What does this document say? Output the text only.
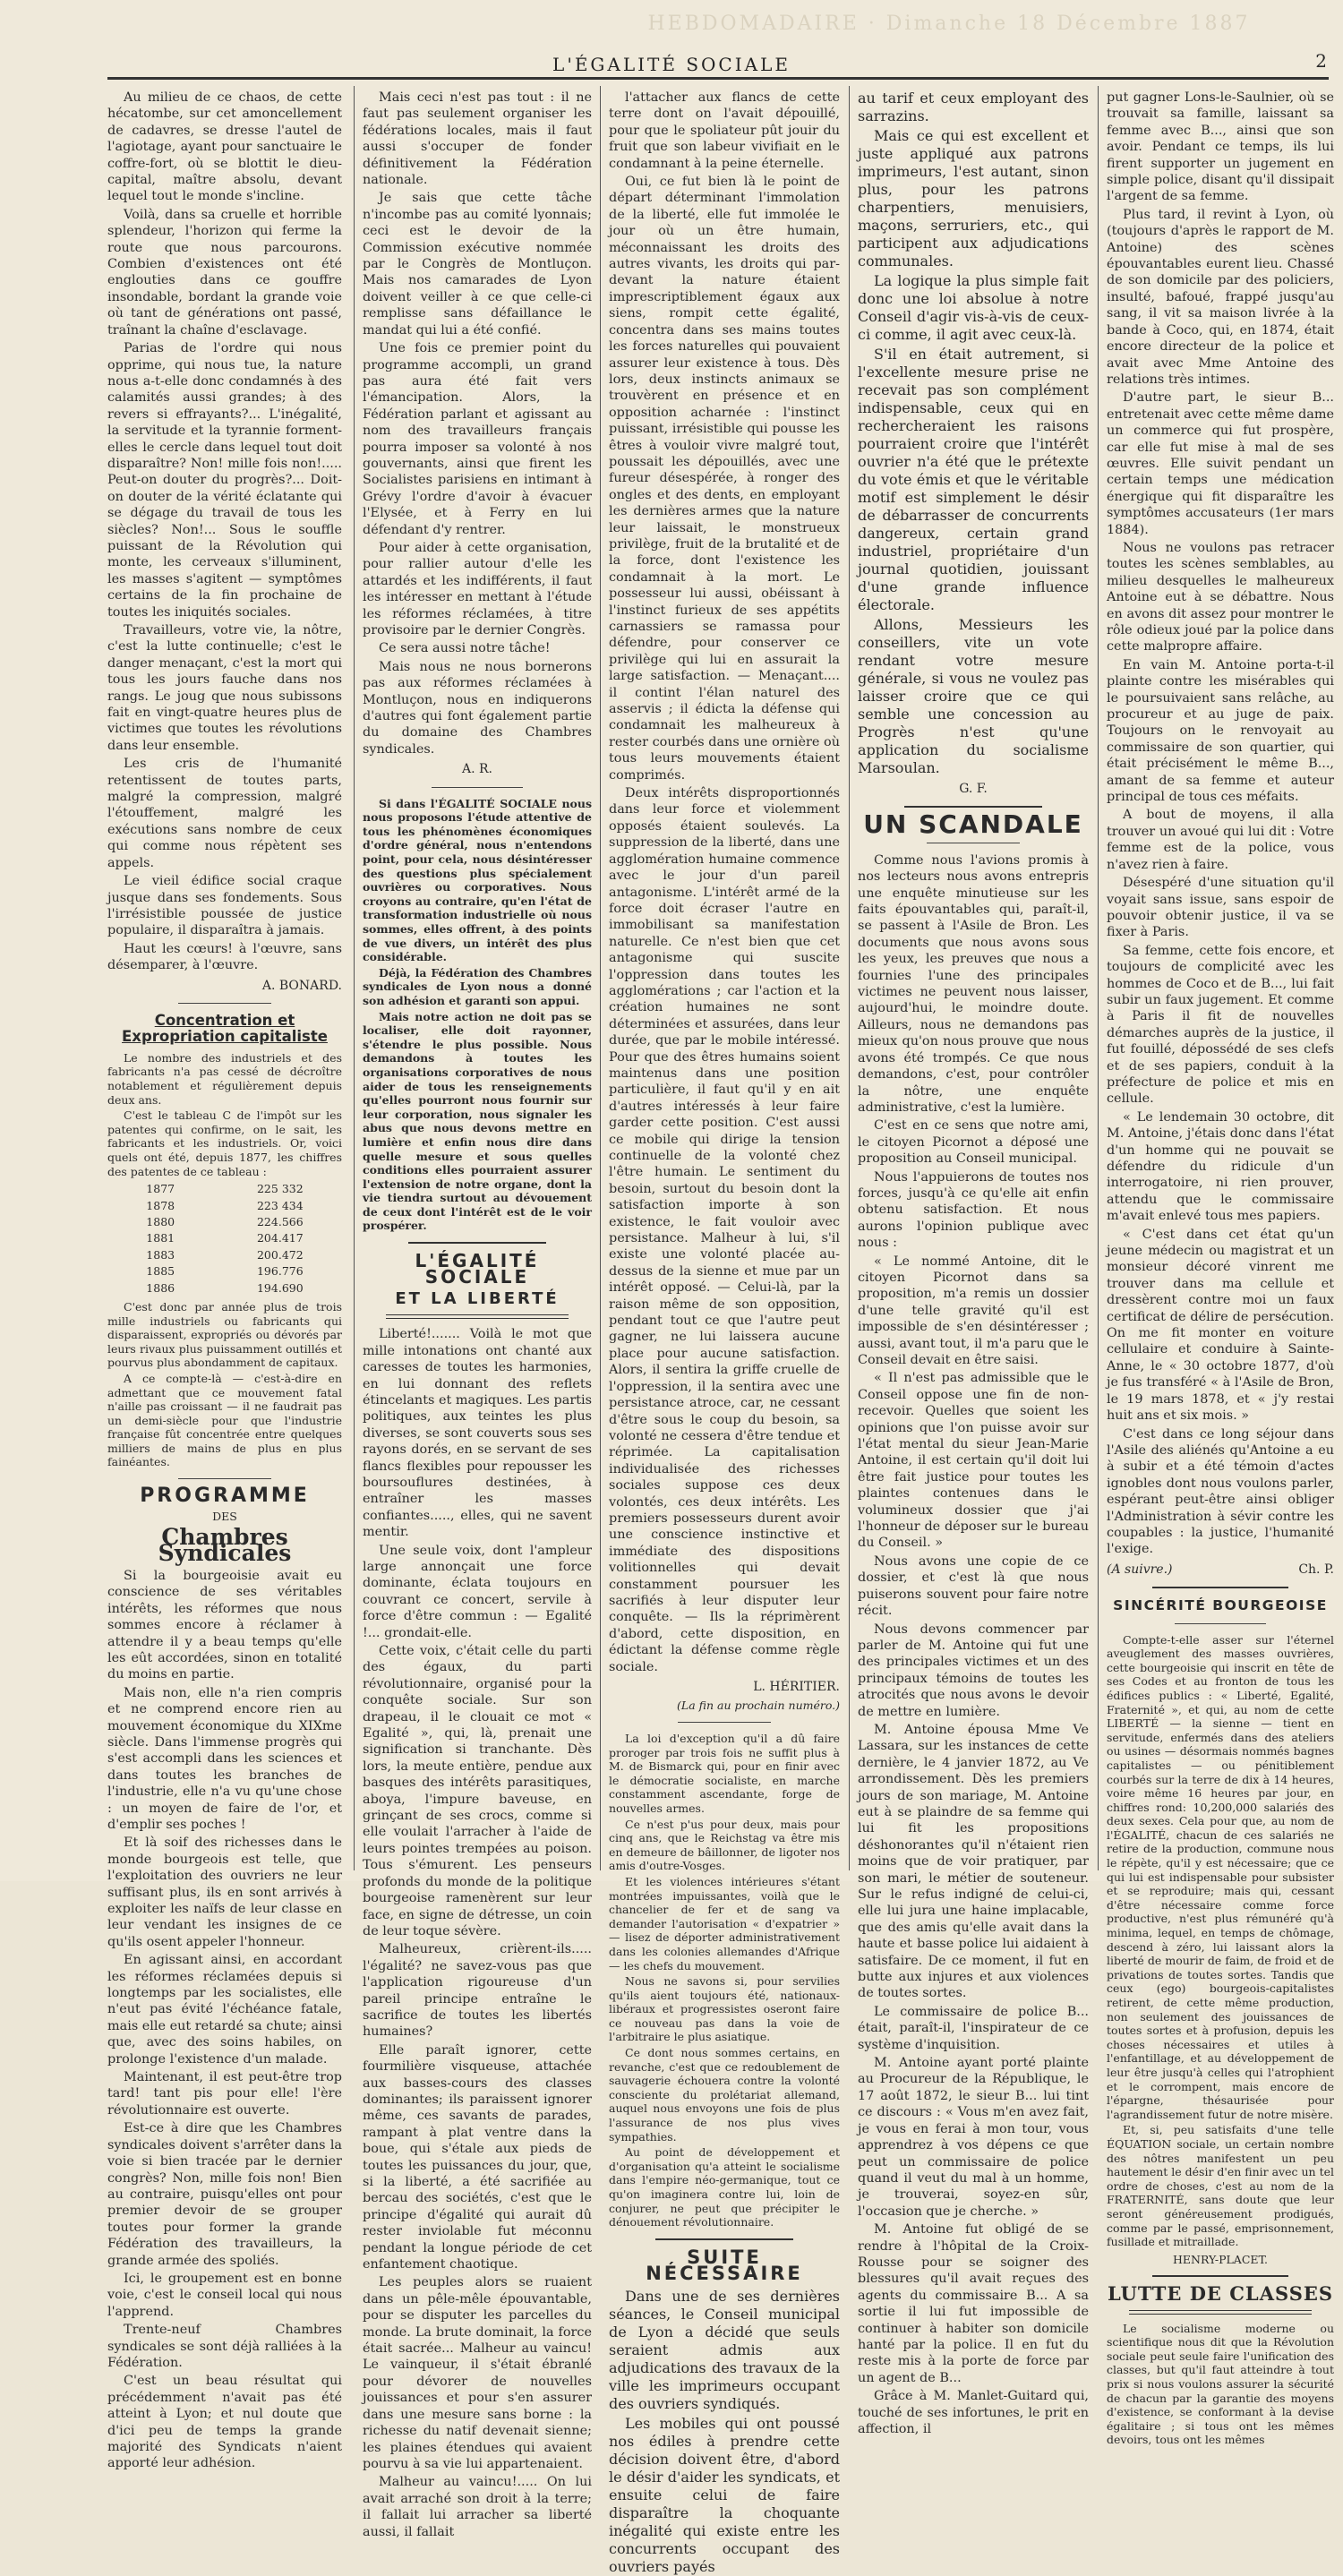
HEBDOMADAIRE · Dimanche 18 Décembre 1887
L'ÉGALITÉ SOCIALE	2

Au milieu de ce chaos, de cette hécatombe, sur cet amoncellement de cadavres, se dresse l'autel de l'agiotage, ayant pour sanctuaire le coffre-fort, où se blottit le dieu-capital, maître absolu, devant lequel tout le monde s'incline.

Voilà, dans sa cruelle et horrible splendeur, l'horizon qui ferme la route que nous parcourons. Combien d'existences ont été englouties dans ce gouffre insondable, bordant la grande voie où tant de générations ont passé, traînant la chaîne d'esclavage.

Parias de l'ordre qui nous opprime, qui nous tue, la nature nous a-t-elle donc condamnés à des calamités aussi grandes; à des revers si effrayants?... L'inégalité, la servitude et la tyrannie forment-elles le cercle dans lequel tout doit disparaître? Non! mille fois non!..... Peut-on douter du progrès?... Doit-on douter de la vérité éclatante qui se dégage du travail de tous les siècles? Non!... Sous le souffle puissant de la Révolution qui monte, les cerveaux s'illuminent, les masses s'agitent — symptômes certains de la fin prochaine de toutes les iniquités sociales.

Travailleurs, votre vie, la nôtre, c'est la lutte continuelle; c'est le danger menaçant, c'est la mort qui tous les jours fauche dans nos rangs. Le joug que nous subissons fait en vingt-quatre heures plus de victimes que toutes les révolutions dans leur ensemble.

Les cris de l'humanité retentissent de toutes parts, malgré la compression, malgré l'étouffement, malgré les exécutions sans nombre de ceux qui comme nous répètent ses appels.

Le vieil édifice social craque jusque dans ses fondements. Sous l'irrésistible poussée de justice populaire, il disparaîtra à jamais.

Haut les cœurs! à l'œuvre, sans désemparer, à l'œuvre.

A. BONARD.
Concentration et Expropriation capitaliste

Le nombre des industriels et des fabricants n'a pas cessé de décroître notablement et régulièrement depuis deux ans.

C'est le tableau C de l'impôt sur les patentes qui confirme, on le sait, les fabricants et les industriels. Or, voici quels ont été, depuis 1877, les chiffres des patentes de ce tableau :

1877	225 332
1878	223 434
1880	224.566
1881	204.417
1883	200.472
1885	196.776
1886	194.690

C'est donc par année plus de trois mille industriels ou fabricants qui disparaissent, expropriés ou dévorés par leurs rivaux plus puissamment outillés et pourvus plus abondamment de capitaux.

A ce compte-là — c'est-à-dire en admettant que ce mouvement fatal n'aille pas croissant — il ne faudrait pas un demi-siècle pour que l'industrie française fût concentrée entre quelques milliers de mains de plus en plus fainéantes.

PROGRAMME
DES
Chambres Syndicales

Si la bourgeoisie avait eu conscience de ses véritables intérêts, les réformes que nous sommes encore à réclamer à attendre il y a beau temps qu'elle les eût accordées, sinon en totalité du moins en partie.

Mais non, elle n'a rien compris et ne comprend encore rien au mouvement économique du XIXme siècle. Dans l'immense progrès qui s'est accompli dans les sciences et dans toutes les branches de l'industrie, elle n'a vu qu'une chose : un moyen de faire de l'or, et d'emplir ses poches !

Et là soif des richesses dans le monde bourgeois est telle, que l'exploitation des ouvriers ne leur suffisant plus, ils en sont arrivés à exploiter les naïfs de leur classe en leur vendant les insignes de ce qu'ils osent appeler l'honneur.

En agissant ainsi, en accordant les réformes réclamées depuis si longtemps par les socialistes, elle n'eut pas évité l'échéance fatale, mais elle eut retardé sa chute; ainsi que, avec des soins habiles, on prolonge l'existence d'un malade.

Maintenant, il est peut-être trop tard! tant pis pour elle! l'ère révolutionnaire est ouverte.

Est-ce à dire que les Chambres syndicales doivent s'arrêter dans la voie si bien tracée par le dernier congrès? Non, mille fois non! Bien au contraire, puisqu'elles ont pour premier devoir de se grouper toutes pour former la grande Fédération des travailleurs, la grande armée des spoliés.

Ici, le groupement est en bonne voie, c'est le conseil local qui nous l'apprend.

Trente-neuf Chambres syndicales se sont déjà ralliées à la Fédération.

C'est un beau résultat qui précédemment n'avait pas été atteint à Lyon; et nul doute que d'ici peu de temps la grande majorité des Syndicats n'aient apporté leur adhésion.

Mais ceci n'est pas tout : il ne faut pas seulement organiser les fédérations locales, mais il faut aussi s'occuper de fonder définitivement la Fédération nationale.

Je sais que cette tâche n'incombe pas au comité lyonnais; ceci est le devoir de la Commission exécutive nommée par le Congrès de Montluçon. Mais nos camarades de Lyon doivent veiller à ce que celle-ci remplisse sans défaillance le mandat qui lui a été confié.

Une fois ce premier point du programme accompli, un grand pas aura été fait vers l'émancipation. Alors, la Fédération parlant et agissant au nom des travailleurs français pourra imposer sa volonté à nos gouvernants, ainsi que firent les Socialistes parisiens en intimant à Grévy l'ordre d'avoir à évacuer l'Elysée, et à Ferry en lui défendant d'y rentrer.

Pour aider à cette organisation, pour rallier autour d'elle les attardés et les indifférents, il faut les intéresser en mettant à l'étude les réformes réclamées, à titre provisoire par le dernier Congrès.

Ce sera aussi notre tâche!

Mais nous ne nous bornerons pas aux réformes réclamées à Montluçon, nous en indiquerons d'autres qui font également partie du domaine des Chambres syndicales.

A. R.

Si dans l'ÉGALITÉ SOCIALE nous nous proposons l'étude attentive de tous les phénomènes économiques d'ordre général, nous n'entendons point, pour cela, nous désintéresser des questions plus spécialement ouvrières ou corporatives. Nous croyons au contraire, qu'en l'état de transformation industrielle où nous sommes, elles offrent, à des points de vue divers, un intérêt des plus considérable.

Déjà, la Fédération des Chambres syndicales de Lyon nous a donné son adhésion et garanti son appui.

Mais notre action ne doit pas se localiser, elle doit rayonner, s'étendre le plus possible. Nous demandons à toutes les organisations corporatives de nous aider de tous les renseignements qu'elles pourront nous fournir sur leur corporation, nous signaler les abus que nous devons mettre en lumière et enfin nous dire dans quelle mesure et sous quelles conditions elles pourraient assurer l'extension de notre organe, dont la vie tiendra surtout au dévouement de ceux dont l'intérêt est de le voir prospérer.

L'ÉGALITÉ SOCIALE
ET LA LIBERTÉ

Liberté!....... Voilà le mot que mille intonations ont chanté aux caresses de toutes les harmonies, en lui donnant des reflets étincelants et magiques. Les partis politiques, aux teintes les plus diverses, se sont couverts sous ses rayons dorés, en se servant de ses flancs flexibles pour repousser les boursouflures destinées, à entraîner les masses confiantes....., elles, qui ne savent mentir.

Une seule voix, dont l'ampleur large annonçait une force dominante, éclata toujours en couvrant ce concert, servile à force d'être commun : — Egalité !... grondait-elle.

Cette voix, c'était celle du parti des égaux, du parti révolutionnaire, organisé pour la conquête sociale. Sur son drapeau, il le clouait ce mot « Egalité », qui, là, prenait une signification si tranchante. Dès lors, la meute entière, pendue aux basques des intérêts parasitiques, aboya, l'impure baveuse, en grinçant de ses crocs, comme si elle voulait l'arracher à l'aide de leurs pointes trempées au poison. Tous s'émurent. Les penseurs profonds du monde de la politique bourgeoise ramenèrent sur leur face, en signe de détresse, un coin de leur toque sévère.

Malheureux, crièrent-ils..... l'égalité? ne savez-vous pas que l'application rigoureuse d'un pareil principe entraîne le sacrifice de toutes les libertés humaines?

Elle paraît ignorer, cette fourmilière visqueuse, attachée aux basses-cours des classes dominantes; ils paraissent ignorer même, ces savants de parades, rampant à plat ventre dans la boue, qui s'étale aux pieds de toutes les puissances du jour, que, si la liberté, a été sacrifiée au bercau des sociétés, c'est que le principe d'égalité qui aurait dû rester inviolable fut méconnu pendant la longue période de cet enfantement chaotique.

Les peuples alors se ruaient dans un pêle-mêle épouvantable, pour se disputer les parcelles du monde. La brute dominait, la force était sacrée... Malheur au vaincu! Le vainqueur, il s'était ébranlé pour dévorer de nouvelles jouissances et pour s'en assurer dans une mesure sans borne : la richesse du natif devenait sienne; les plaines étendues qui avaient pourvu à sa vie lui appartenaient.

Malheur au vaincu!..... On lui avait arraché son droit à la terre; il fallait lui arracher sa liberté aussi, il fallait

l'attacher aux flancs de cette terre dont on l'avait dépouillé, pour que le spoliateur pût jouir du fruit que son labeur vivifiait en le condamnant à la peine éternelle.

Oui, ce fut bien là le point de départ déterminant l'immolation de la liberté, elle fut immolée le jour où un être humain, méconnaissant les droits des autres vivants, les droits qui par-devant la nature étaient imprescriptiblement égaux aux siens, rompit cette égalité, concentra dans ses mains toutes les forces naturelles qui pouvaient assurer leur existence à tous. Dès lors, deux instincts animaux se trouvèrent en présence et en opposition acharnée : l'instinct puissant, irrésistible qui pousse les êtres à vouloir vivre malgré tout, poussait les dépouillés, avec une fureur désespérée, à ronger des ongles et des dents, en employant les dernières armes que la nature leur laissait, le monstrueux privilège, fruit de la brutalité et de la force, dont l'existence les condamnait à la mort. Le possesseur lui aussi, obéissant à l'instinct furieux de ses appétits carnassiers se ramassa pour défendre, pour conserver ce privilège qui lui en assurait la large satisfaction. — Menaçant.... il contint l'élan naturel des asservis ; il édicta la défense qui condamnait les malheureux à rester courbés dans une ornière où tous leurs mouvements étaient comprimés.

Deux intérêts disproportionnés dans leur force et violemment opposés étaient soulevés. La suppression de la liberté, dans une agglomération humaine commence avec le jour d'un pareil antagonisme. L'intérêt armé de la force doit écraser l'autre en immobilisant sa manifestation naturelle. Ce n'est bien que cet antagonisme qui suscite l'oppression dans toutes les agglomérations ; car l'action et la création humaines ne sont déterminées et assurées, dans leur durée, que par le mobile intéressé. Pour que des êtres humains soient maintenus dans une position particulière, il faut qu'il y en ait d'autres intéressés à leur faire garder cette position. C'est aussi ce mobile qui dirige la tension continuelle de la volonté chez l'être humain. Le sentiment du besoin, surtout du besoin dont la satisfaction importe à son existence, le fait vouloir avec persistance. Malheur à lui, s'il existe une volonté placée au-dessus de la sienne et mue par un intérêt opposé. — Celui-là, par la raison même de son opposition, pendant tout ce que l'autre peut gagner, ne lui laissera aucune place pour aucune satisfaction. Alors, il sentira la griffe cruelle de l'oppression, il la sentira avec une persistance atroce, car, ne cessant d'être sous le coup du besoin, sa volonté ne cessera d'être tendue et réprimée. La capitalisation individualisée des richesses sociales suppose ces deux volontés, ces deux intérêts. Les premiers possesseurs durent avoir une conscience instinctive et immédiate des dispositions volitionnelles qui devait constamment poursuer les sacrifiés à leur disputer leur conquête. — Ils la réprimèrent d'abord, cette disposition, en édictant la défense comme règle sociale.

L. HÉRITIER.
(La fin au prochain numéro.)

La loi d'exception qu'il a dû faire proroger par trois fois ne suffit plus à M. de Bismarck qui, pour en finir avec le démocratie socialiste, en marche constamment ascendante, forge de nouvelles armes.

Ce n'est p'us pour deux, mais pour cinq ans, que le Reichstag va être mis en demeure de bâillonner, de ligoter nos amis d'outre-Vosges.

Et les violences intérieures s'étant montrées impuissantes, voilà que le chancelier de fer et de sang va demander l'autorisation « d'expatrier » — lisez de déporter administrativement dans les colonies allemandes d'Afrique — les chefs du mouvement.

Nous ne savons si, pour servilies qu'ils aient toujours été, nationaux-libéraux et progressistes oseront faire ce nouveau pas dans la voie de l'arbitraire le plus asiatique.

Ce dont nous sommes certains, en revanche, c'est que ce redoublement de sauvagerie échouera contre la volonté consciente du prolétariat allemand, auquel nous envoyons une fois de plus l'assurance de nos plus vives sympathies.

Au point de développement et d'organisation qu'a atteint le socialisme dans l'empire néo-germanique, tout ce qu'on imaginera contre lui, loin de conjurer, ne peut que précipiter le dénouement révolutionnaire.

SUITE NÉCESSAIRE

Dans une de ses dernières séances, le Conseil municipal de Lyon a décidé que seuls seraient admis aux adjudications des travaux de la ville les imprimeurs occupant des ouvriers syndiqués.

Les mobiles qui ont poussé nos édiles à prendre cette décision doivent être, d'abord le désir d'aider les syndicats, et ensuite celui de faire disparaître la choquante inégalité qui existe entre les concurrents occupant des ouvriers payés

au tarif et ceux employant des sarrazins.

Mais ce qui est excellent et juste appliqué aux patrons imprimeurs, l'est autant, sinon plus, pour les patrons charpentiers, menuisiers, maçons, serruriers, etc., qui participent aux adjudications communales.

La logique la plus simple fait donc une loi absolue à notre Conseil d'agir vis-à-vis de ceux-ci comme, il agit avec ceux-là.

S'il en était autrement, si l'excellente mesure prise ne recevait pas son complément indispensable, ceux qui en rechercheraient les raisons pourraient croire que l'intérêt ouvrier n'a été que le prétexte du vote émis et que le véritable motif est simplement le désir de débarrasser de concurrents dangereux, certain grand industriel, propriétaire d'un journal quotidien, jouissant d'une grande influence électorale.

Allons, Messieurs les conseillers, vite un vote rendant votre mesure générale, si vous ne voulez pas laisser croire que ce qui semble une concession au Progrès n'est qu'une application du socialisme Marsoulan.

G. F.
UN SCANDALE

Comme nous l'avions promis à nos lecteurs nous avons entrepris une enquête minutieuse sur les faits épouvantables qui, paraît-il, se passent à l'Asile de Bron. Les documents que nous avons sous les yeux, les preuves que nous a fournies l'une des principales victimes ne peuvent nous laisser, aujourd'hui, le moindre doute. Ailleurs, nous ne demandons pas mieux qu'on nous prouve que nous avons été trompés. Ce que nous demandons, c'est, pour contrôler la nôtre, une enquête administrative, c'est la lumière.

C'est en ce sens que notre ami, le citoyen Picornot a déposé une proposition au Conseil municipal.

Nous l'appuierons de toutes nos forces, jusqu'à ce qu'elle ait enfin obtenu satisfaction. Et nous aurons l'opinion publique avec nous :

« Le nommé Antoine, dit le citoyen Picornot dans sa proposition, m'a remis un dossier d'une telle gravité qu'il est impossible de s'en désintéresser ; aussi, avant tout, il m'a paru que le Conseil devait en être saisi.

« Il n'est pas admissible que le Conseil oppose une fin de non-recevoir. Quelles que soient les opinions que l'on puisse avoir sur l'état mental du sieur Jean-Marie Antoine, il est certain qu'il doit lui être fait justice pour toutes les plaintes contenues dans le volumineux dossier que j'ai l'honneur de déposer sur le bureau du Conseil. »

Nous avons une copie de ce dossier, et c'est là que nous puiserons souvent pour faire notre récit.

Nous devons commencer par parler de M. Antoine qui fut une des principales victimes et un des principaux témoins de toutes les atrocités que nous avons le devoir de mettre en lumière.

M. Antoine épousa Mme Ve Lassara, sur les instances de cette dernière, le 4 janvier 1872, au Ve arrondissement. Dès les premiers jours de son mariage, M. Antoine eut à se plaindre de sa femme qui lui fit les propositions déshonorantes qu'il n'étaient rien moins que de voir pratiquer, par son mari, le métier de souteneur. Sur le refus indigné de celui-ci, elle lui jura une haine implacable, que des amis qu'elle avait dans la haute et basse police lui aidaient à satisfaire. De ce moment, il fut en butte aux injures et aux violences de toutes sortes.

Le commissaire de police B... était, paraît-il, l'inspirateur de ce système d'inquisition.

M. Antoine ayant porté plainte au Procureur de la République, le 17 août 1872, le sieur B... lui tint ce discours : « Vous m'en avez fait, je vous en ferai à mon tour, vous apprendrez à vos dépens ce que peut un commissaire de police quand il veut du mal à un homme, je trouverai, soyez-en sûr, l'occasion que je cherche. »

M. Antoine fut obligé de se rendre à l'hôpital de la Croix-Rousse pour se soigner des blessures qu'il avait reçues des agents du commissaire B... A sa sortie il lui fut impossible de continuer à habiter son domicile hanté par la police. Il en fut du reste mis à la porte de force par un agent de B...

Grâce à M. Manlet-Guitard qui, touché de ses infortunes, le prit en affection, il

put gagner Lons-le-Saulnier, où se trouvait sa famille, laissant sa femme avec B..., ainsi que son avoir. Pendant ce temps, ils lui firent supporter un jugement en simple police, disant qu'il dissipait l'argent de sa femme.

Plus tard, il revint à Lyon, où (toujours d'après le rapport de M. Antoine) des scènes épouvantables eurent lieu. Chassé de son domicile par des policiers, insulté, bafoué, frappé jusqu'au sang, il vit sa maison livrée à la bande à Coco, qui, en 1874, était encore directeur de la police et avait avec Mme Antoine des relations très intimes.

D'autre part, le sieur B... entretenait avec cette même dame un commerce qui fut prospère, car elle fut mise à mal de ses œuvres. Elle suivit pendant un certain temps une médication énergique qui fit disparaître les symptômes accusateurs (1er mars 1884).

Nous ne voulons pas retracer toutes les scènes semblables, au milieu desquelles le malheureux Antoine eut à se débattre. Nous en avons dit assez pour montrer le rôle odieux joué par la police dans cette malpropre affaire.

En vain M. Antoine porta-t-il plainte contre les misérables qui le poursuivaient sans relâche, au procureur et au juge de paix. Toujours on le renvoyait au commissaire de son quartier, qui était précisément le même B..., amant de sa femme et auteur principal de tous ces méfaits.

A bout de moyens, il alla trouver un avoué qui lui dit : Votre femme est de la police, vous n'avez rien à faire.

Désespéré d'une situation qu'il voyait sans issue, sans espoir de pouvoir obtenir justice, il va se fixer à Paris.

Sa femme, cette fois encore, et toujours de complicité avec les hommes de Coco et de B..., lui fait subir un faux jugement. Et comme à Paris il fit de nouvelles démarches auprès de la justice, il fut fouillé, dépossédé de ses clefs et de ses papiers, conduit à la préfecture de police et mis en cellule.

« Le lendemain 30 octobre, dit M. Antoine, j'étais donc dans l'état d'un homme qui ne pouvait se défendre du ridicule d'un interrogatoire, ni rien prouver, attendu que le commissaire m'avait enlevé tous mes papiers.

« C'est dans cet état qu'un jeune médecin ou magistrat et un monsieur décoré vinrent me trouver dans ma cellule et dressèrent contre moi un faux certificat de délire de persécution. On me fit monter en voiture cellulaire et conduire à Sainte-Anne, le « 30 octobre 1877, d'où je fus transféré « à l'Asile de Bron, le 19 mars 1878, et « j'y restai huit ans et six mois. »

C'est dans ce long séjour dans l'Asile des aliénés qu'Antoine a eu à subir et a été témoin d'actes ignobles dont nous voulons parler, espérant peut-être ainsi obliger l'Administration à sévir contre les coupables : la justice, l'humanité l'exige.

(A suivre.)	Ch. P.
SINCÉRITÉ BOURGEOISE

Compte-t-elle asser sur l'éternel aveuglement des masses ouvrières, cette bourgeoisie qui inscrit en tête de ses Codes et au fronton de tous les édifices publics : « Liberté, Egalité, Fraternité », et qui, au nom de cette LIBERTÉ — la sienne — tient en servitude, enfermés dans des ateliers ou usines — désormais nommés bagnes capitalistes — ou pénitiblement courbés sur la terre de dix à 14 heures, voire même 16 heures par jour, en chiffres rond: 10,200,000 salariés des deux sexes. Cela pour que, au nom de l'ÉGALITÉ, chacun de ces salariés ne retire de la production, commune nous le répète, qu'il y est nécessaire; que ce qui lui est indispensable pour subsister et se reproduire; mais qui, cessant d'être nécessaire comme force productive, n'est plus rémunéré qu'à minima, lequel, en temps de chômage, descend à zéro, lui laissant alors la liberté de mourir de faim, de froid et de privations de toutes sortes. Tandis que ceux (ego) bourgeois-capitalistes retirent, de cette même production, non seulement des jouissances de toutes sortes et à profusion, depuis les choses nécessaires et utiles à l'enfantillage, et au développement de leur être jusqu'à celles qui l'atrophient et le corrompent, mais encore de l'épargne, thésaurisée pour l'agrandissement futur de notre misère.

Et, si, peu satisfaits d'une telle ÉQUATION sociale, un certain nombre des nôtres manifestent un peu hautement le désir d'en finir avec un tel ordre de choses, c'est au nom de la FRATERNITÉ, sans doute que leur seront généreusement prodigués, comme par le passé, emprisonnement, fusillade et mitraillade.

HENRY-PLACET.
LUTTE DE CLASSES

Le socialisme moderne ou scientifique nous dit que la Révolution sociale peut seule faire l'unification des classes, but qu'il faut atteindre à tout prix si nous voulons assurer la sécurité de chacun par la garantie des moyens d'existence, se conformant à la devise égalitaire ; si tous ont les mêmes devoirs, tous ont les mêmes
